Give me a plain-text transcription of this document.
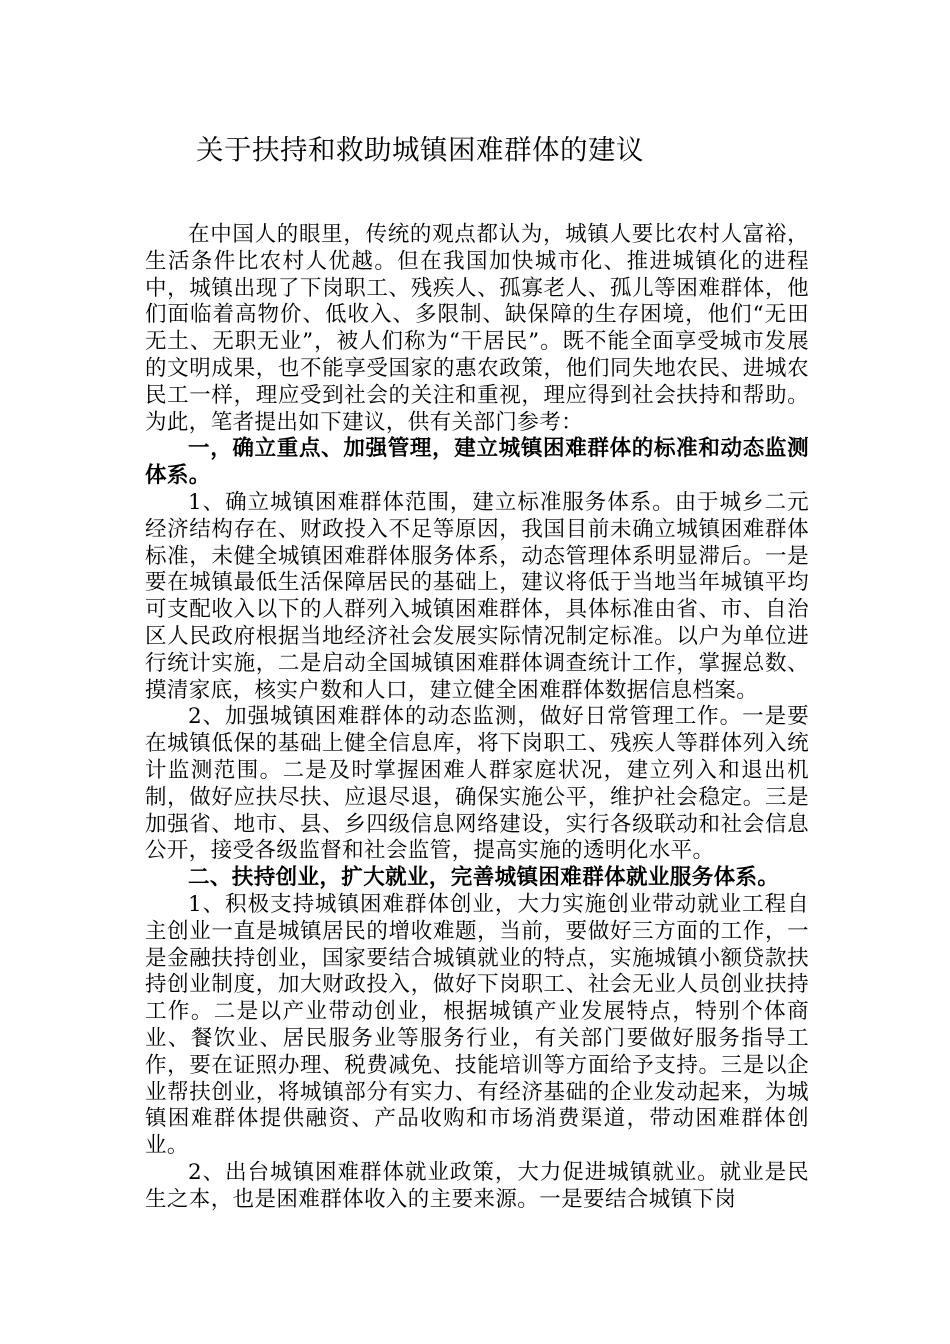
关于扶持和救助城镇困难群体的建议

在中国人的眼里，传统的观点都认为，城镇人要比农村人富裕，生活条件比农村人优越。但在我国加快城市化、推进城镇化的进程中，城镇出现了下岗职工、残疾人、孤寡老人、孤儿等困难群体，他们面临着高物价、低收入、多限制、缺保障的生存困境，他们“无田无土、无职无业”，被人们称为“干居民”。既不能全面享受城市发展的文明成果，也不能享受国家的惠农政策，他们同失地农民、进城农民工一样，理应受到社会的关注和重视，理应得到社会扶持和帮助。为此，笔者提出如下建议，供有关部门参考：

一，确立重点、加强管理，建立城镇困难群体的标准和动态监测体系。

1、确立城镇困难群体范围，建立标准服务体系。由于城乡二元经济结构存在、财政投入不足等原因，我国目前未确立城镇困难群体标准，未健全城镇困难群体服务体系，动态管理体系明显滞后。一是要在城镇最低生活保障居民的基础上，建议将低于当地当年城镇平均可支配收入以下的人群列入城镇困难群体，具体标准由省、市、自治区人民政府根据当地经济社会发展实际情况制定标准。以户为单位进行统计实施，二是启动全国城镇困难群体调查统计工作，掌握总数、摸清家底，核实户数和人口，建立健全困难群体数据信息档案。

2、加强城镇困难群体的动态监测，做好日常管理工作。一是要在城镇低保的基础上健全信息库，将下岗职工、残疾人等群体列入统计监测范围。二是及时掌握困难人群家庭状况，建立列入和退出机制，做好应扶尽扶、应退尽退，确保实施公平，维护社会稳定。三是加强省、地市、县、乡四级信息网络建设，实行各级联动和社会信息公开，接受各级监督和社会监管，提高实施的透明化水平。

二、扶持创业，扩大就业，完善城镇困难群体就业服务体系。

1、积极支持城镇困难群体创业，大力实施创业带动就业工程自主创业一直是城镇居民的增收难题，当前，要做好三方面的工作，一是金融扶持创业，国家要结合城镇就业的特点，实施城镇小额贷款扶持创业制度，加大财政投入，做好下岗职工、社会无业人员创业扶持工作。二是以产业带动创业，根据城镇产业发展特点，特别个体商业、餐饮业、居民服务业等服务行业，有关部门要做好服务指导工作，要在证照办理、税费减免、技能培训等方面给予支持。三是以企业帮扶创业，将城镇部分有实力、有经济基础的企业发动起来，为城镇困难群体提供融资、产品收购和市场消费渠道，带动困难群体创业。

2、出台城镇困难群体就业政策，大力促进城镇就业。就业是民生之本，也是困难群体收入的主要来源。一是要结合城镇下岗
